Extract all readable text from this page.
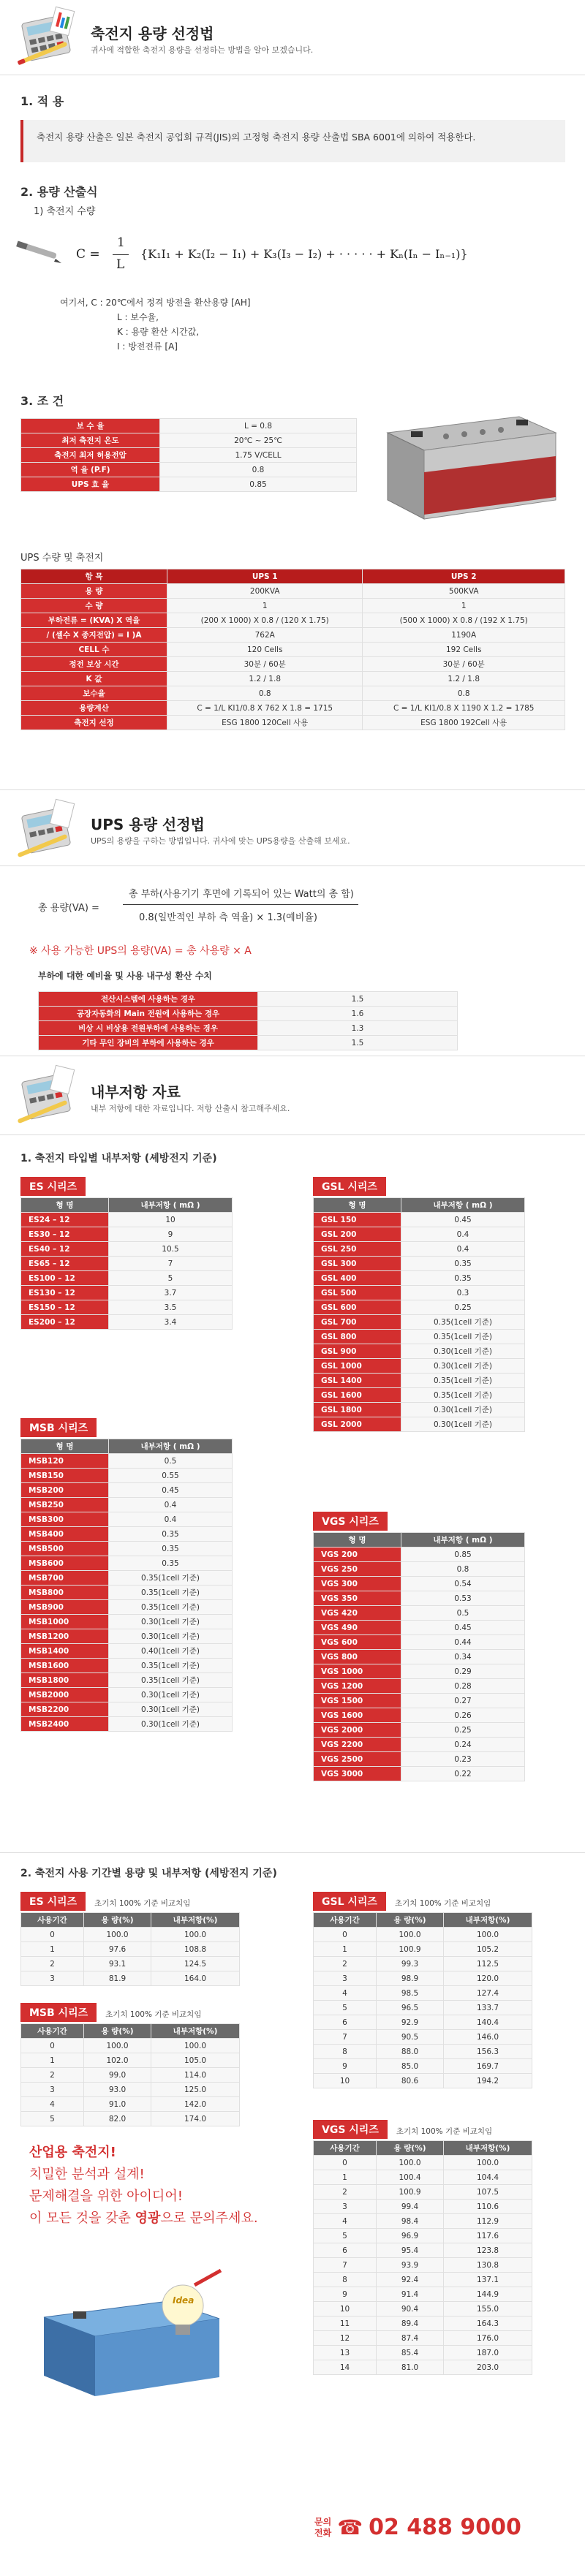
축전지 용량 선정법
귀사에 적합한 축전지 용량을 선정하는 방법을 알아 보겠습니다.
1. 적 용
축전지 용량 산출은 일본 축전지 공업회 규격(JIS)의 고정형 축전지 용량 산출법 SBA 6001에 의하여 적용한다.
2. 용량 산출식
1) 축전지 수량
C =
1
L
{K₁I₁ + K₂(I₂ − I₁) + K₃(I₃ − I₂) + · · · · · + Kₙ(Iₙ − Iₙ₋₁)}
여기서, C : 20℃에서 정격 방전율 환산용량 [AH]
L : 보수율,
K : 용량 환산 시간값,
I : 방전전류 [A]
3. 조 건
보 수 율	L = 0.8
최저 축전지 온도	20℃ ~ 25℃
축전지 최저 허용전압	1.75 V/CELL
역 율 (P.F)	0.8
UPS 효 율	0.85
UPS 수량 및 축전지
항 목	UPS 1	UPS 2
용 량	200KVA	500KVA
수 량	1	1
부하전류 = (KVA) X 역율	(200 X 1000) X 0.8 / (120 X 1.75)	(500 X 1000) X 0.8 / (192 X 1.75)
/ (셀수 X 종지전압) = I )A	762A	1190A
CELL 수	120 Cells	192 Cells
정전 보상 시간	30분 / 60분	30분 / 60분
K 값	1.2 / 1.8	1.2 / 1.8
보수율	0.8	0.8
용량계산	C = 1/L KI1/0.8 X 762 X 1.8 = 1715	C = 1/L KI1/0.8 X 1190 X 1.2 = 1785
축전지 선정	ESG 1800 120Cell 사용	ESG 1800 192Cell 사용
UPS 용량 선정법
UPS의 용량을 구하는 방법입니다. 귀사에 맞는 UPS용량을 산출해 보세요.
총 용량(VA) =
총 부하(사용기기 후면에 기록되어 있는 Watt의 총 합)
0.8(일반적인 부하 측 역율) × 1.3(예비율)
※ 사용 가능한 UPS의 용량(VA) = 총 사용량 × A
부하에 대한 예비율 및 사용 내구성 환산 수치
전산시스템에 사용하는 경우	1.5
공장자동화의 Main 전원에 사용하는 경우	1.6
비상 시 비상용 전원부하에 사용하는 경우	1.3
기타 무인 장비의 부하에 사용하는 경우	1.5
내부저항 자료
내부 저항에 대한 자료입니다. 저항 산출시 참고해주세요.
1. 축전지 타입별 내부저항 (셰방전지 기준)
ES 시리즈
형 명	내부저항 ( mΩ )
ES24 – 12	10
ES30 – 12	9
ES40 – 12	10.5
ES65 – 12	7
ES100 – 12	5
ES130 – 12	3.7
ES150 – 12	3.5
ES200 – 12	3.4
MSB 시리즈
형 명	내부저항 ( mΩ )
MSB120	0.5
MSB150	0.55
MSB200	0.45
MSB250	0.4
MSB300	0.4
MSB400	0.35
MSB500	0.35
MSB600	0.35
MSB700	0.35(1cell 기준)
MSB800	0.35(1cell 기준)
MSB900	0.35(1cell 기준)
MSB1000	0.30(1cell 기준)
MSB1200	0.30(1cell 기준)
MSB1400	0.40(1cell 기준)
MSB1600	0.35(1cell 기준)
MSB1800	0.35(1cell 기준)
MSB2000	0.30(1cell 기준)
MSB2200	0.30(1cell 기준)
MSB2400	0.30(1cell 기준)
GSL 시리즈
형 명	내부저항 ( mΩ )
GSL 150	0.45
GSL 200	0.4
GSL 250	0.4
GSL 300	0.35
GSL 400	0.35
GSL 500	0.3
GSL 600	0.25
GSL 700	0.35(1cell 기준)
GSL 800	0.35(1cell 기준)
GSL 900	0.30(1cell 기준)
GSL 1000	0.30(1cell 기준)
GSL 1400	0.35(1cell 기준)
GSL 1600	0.35(1cell 기준)
GSL 1800	0.30(1cell 기준)
GSL 2000	0.30(1cell 기준)
VGS 시리즈
형 명	내부저항 ( mΩ )
VGS 200	0.85
VGS 250	0.8
VGS 300	0.54
VGS 350	0.53
VGS 420	0.5
VGS 490	0.45
VGS 600	0.44
VGS 800	0.34
VGS 1000	0.29
VGS 1200	0.28
VGS 1500	0.27
VGS 1600	0.26
VGS 2000	0.25
VGS 2200	0.24
VGS 2500	0.23
VGS 3000	0.22
2. 축전지 사용 기간별 용량 및 내부저항 (세방전지 기준)
ES 시리즈	초기치 100% 기준 비교치임
사용기간	용 량(%)	내부저항(%)
0	100.0	100.0
1	97.6	108.8
2	93.1	124.5
3	81.9	164.0
MSB 시리즈	초기치 100% 기준 비교치임
사용기간	용 량(%)	내부저항(%)
0	100.0	100.0
1	102.0	105.0
2	99.0	114.0
3	93.0	125.0
4	91.0	142.0
5	82.0	174.0
GSL 시리즈	초기치 100% 기준 비교치임
사용기간	용 량(%)	내부저항(%)
0	100.0	100.0
1	100.9	105.2
2	99.3	112.5
3	98.9	120.0
4	98.5	127.4
5	96.5	133.7
6	92.9	140.4
7	90.5	146.0
8	88.0	156.3
9	85.0	169.7
10	80.6	194.2
VGS 시리즈	초기치 100% 기준 비교치임
사용기간	용 량(%)	내부저항(%)
0	100.0	100.0
1	100.4	104.4
2	100.9	107.5
3	99.4	110.6
4	98.4	112.9
5	96.9	117.6
6	95.4	123.8
7	93.9	130.8
8	92.4	137.1
9	91.4	144.9
10	90.4	155.0
11	89.4	164.3
12	87.4	176.0
13	85.4	187.0
14	81.0	203.0
산업용 축전지!
치밀한 분석과 설계!
문제해결을 위한 아이디어!
이 모든 것을 갖춘 영광으로 문의주세요.
Idea
문의
전화 ☎ 02 488 9000
